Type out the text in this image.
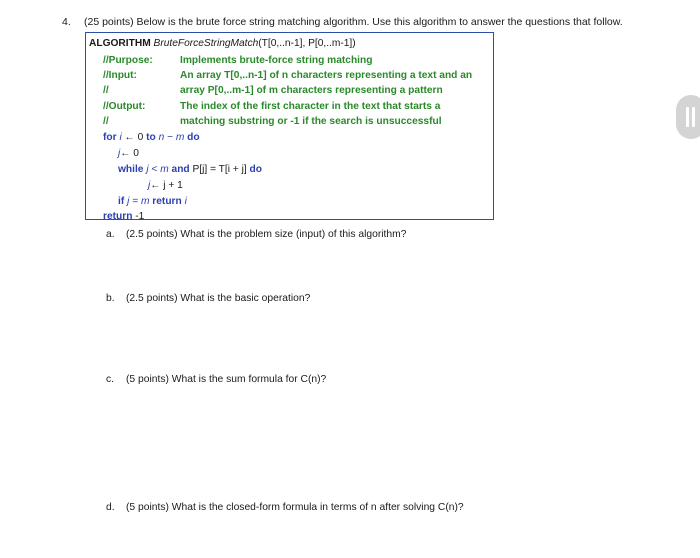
4. (25 points) Below is the brute force string matching algorithm. Use this algorithm to answer the questions that follow.
ALGORITHM BruteForceStringMatch(T[0,..n-1], P[0,..m-1])
//Purpose:	Implements brute-force string matching
//Input:	An array T[0,..n-1] of n characters representing a text and an
//	array P[0,..m-1] of m characters representing a pattern
//Output:	The index of the first character in the text that starts a
//	matching substring or -1 if the search is unsuccessful
for i ← 0 to n − m do
j← 0
while j < m and P[j] = T[i + j] do
j← j + 1
if j = m return i
return -1
a. (2.5 points) What is the problem size (input) of this algorithm?
b. (2.5 points) What is the basic operation?
c. (5 points) What is the sum formula for C(n)?
d. (5 points) What is the closed-form formula in terms of n after solving C(n)?
